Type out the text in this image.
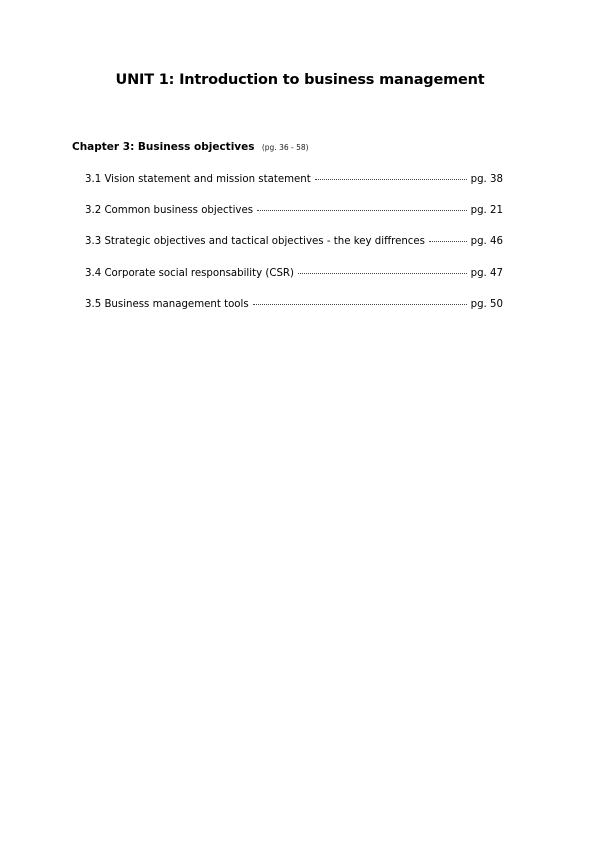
UNIT 1: Introduction to business management
Chapter 3: Business objectives (pg. 36 - 58)
3.1 Vision statement and mission statement	pg. 38
3.2 Common business objectives	pg. 21
3.3 Strategic objectives and tactical objectives - the key diffrences	pg. 46
3.4 Corporate social responsability (CSR)	pg. 47
3.5 Business management tools	pg. 50
